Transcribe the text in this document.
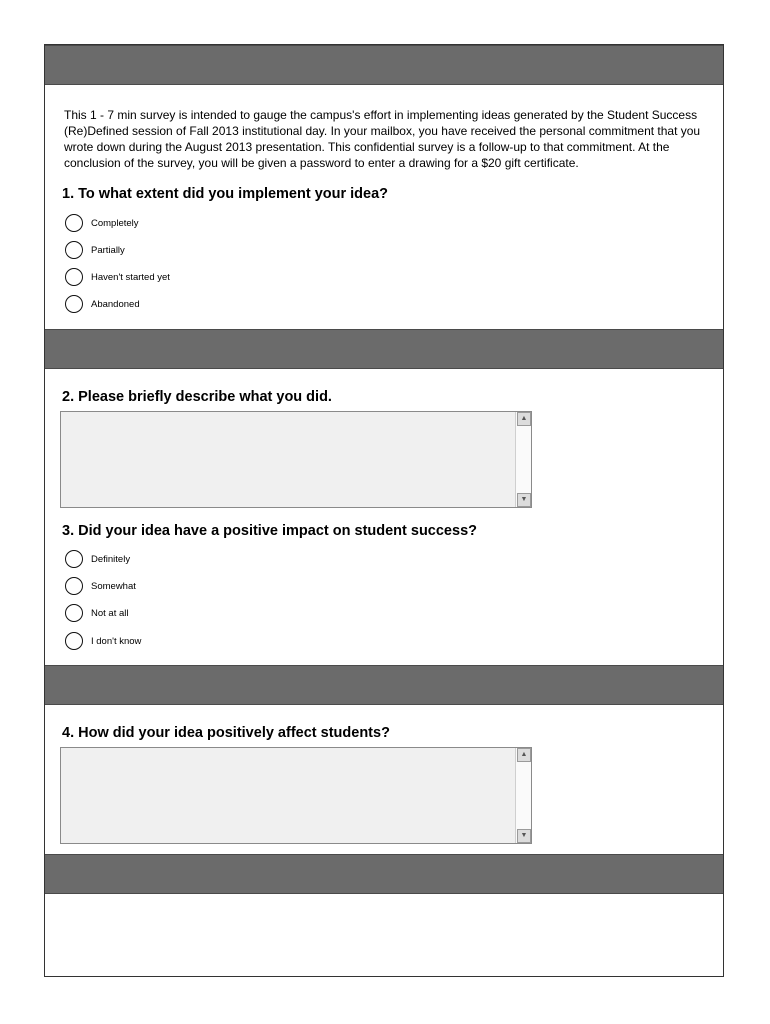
This 1 - 7 min survey is intended to gauge the campus's effort in implementing ideas generated by the Student Success (Re)Defined session of Fall 2013 institutional day. In your mailbox, you have received the personal commitment that you wrote down during the August 2013 presentation. This confidential survey is a follow-up to that commitment. At the conclusion of the survey, you will be given a password to enter a drawing for a $20 gift certificate.
1. To what extent did you implement your idea?
Completely
Partially
Haven't started yet
Abandoned
2. Please briefly describe what you did.
▲
▼
3. Did your idea have a positive impact on student success?
Definitely
Somewhat
Not at all
I don't know
4. How did your idea positively affect students?
▲
▼
